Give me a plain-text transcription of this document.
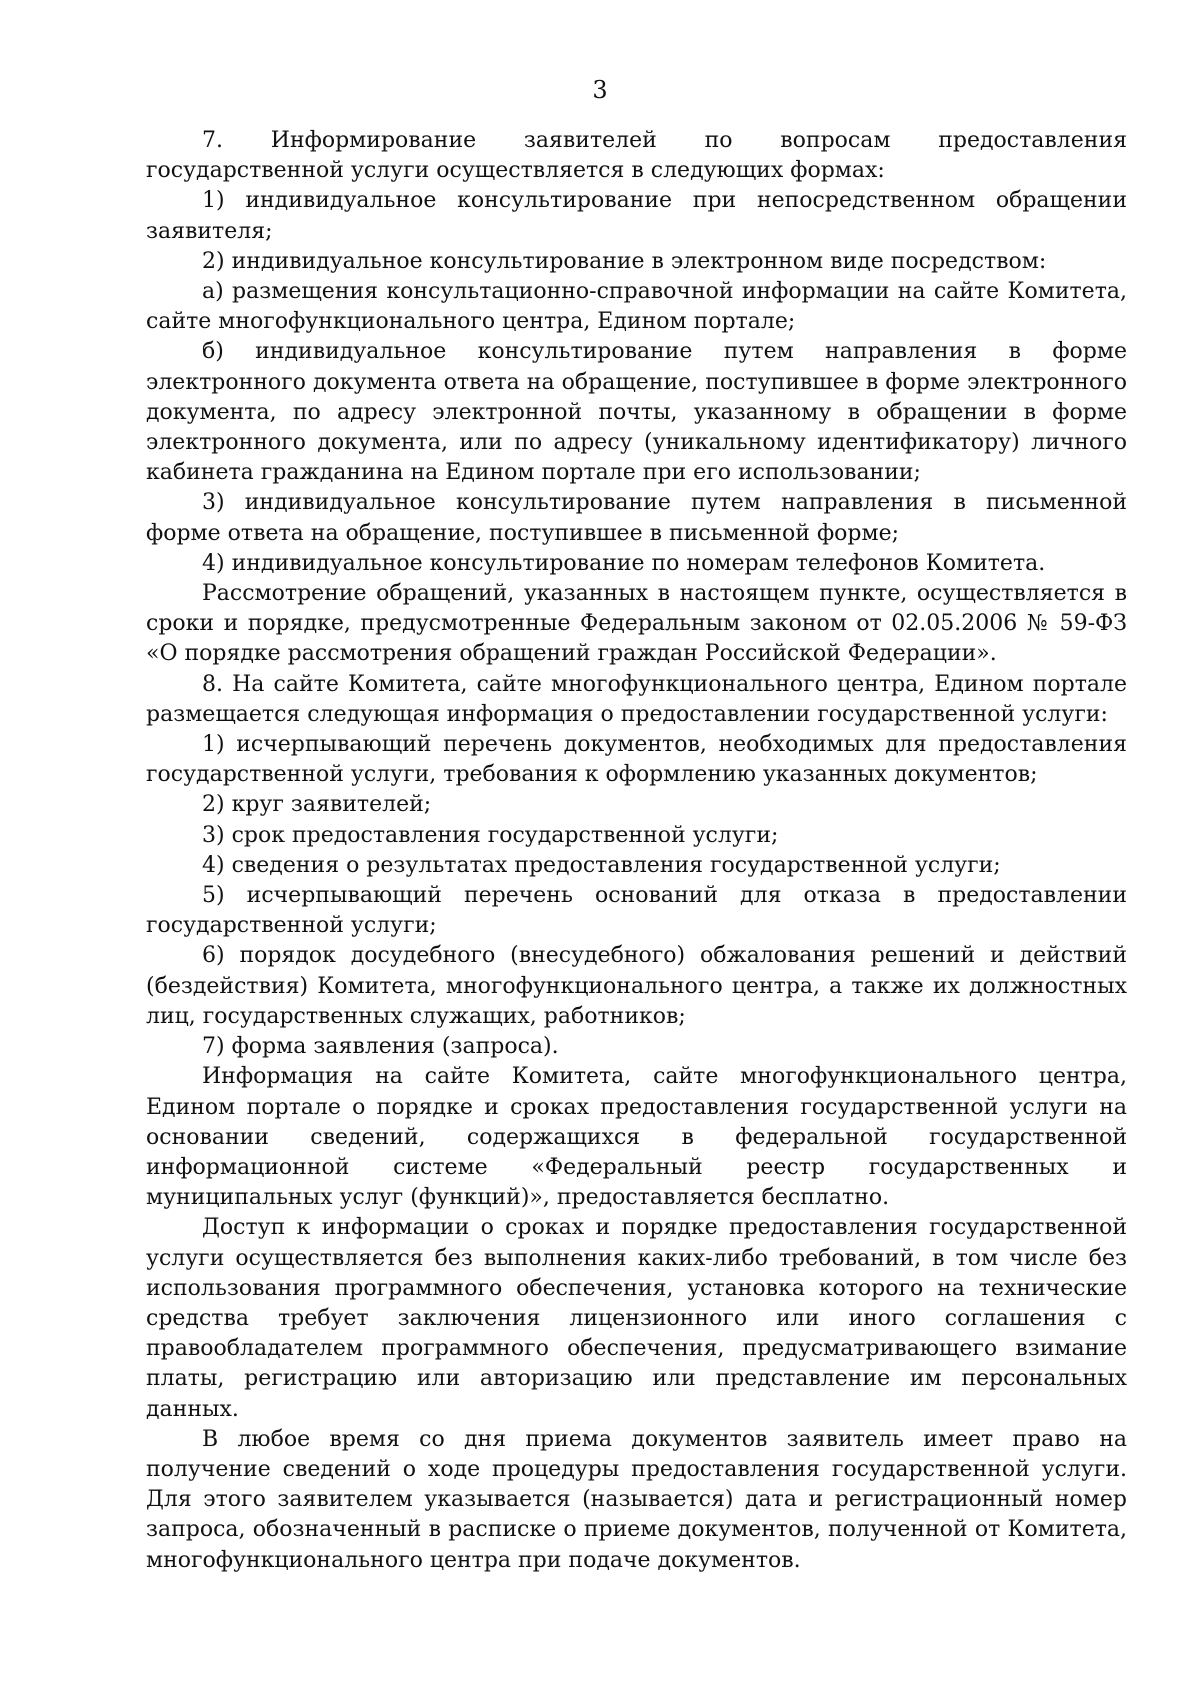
3

7. Информирование заявителей по вопросам предоставления государственной услуги осуществляется в следующих формах:

1) индивидуальное консультирование при непосредственном обращении заявителя;

2) индивидуальное консультирование в электронном виде посредством:

а) размещения консультационно-справочной информации на сайте Комитета, сайте многофункционального центра, Едином портале;

б) индивидуальное консультирование путем направления в форме электронного документа ответа на обращение, поступившее в форме электронного документа, по адресу электронной почты, указанному в обращении в форме электронного документа, или по адресу (уникальному идентификатору) личного кабинета гражданина на Едином портале при его использовании;

3) индивидуальное консультирование путем направления в письменной форме ответа на обращение, поступившее в письменной форме;

4) индивидуальное консультирование по номерам телефонов Комитета.

Рассмотрение обращений, указанных в настоящем пункте, осуществляется в сроки и порядке, предусмотренные Федеральным законом от 02.05.2006 № 59-ФЗ «О порядке рассмотрения обращений граждан Российской Федерации».

8. На сайте Комитета, сайте многофункционального центра, Едином портале размещается следующая информация о предоставлении государственной услуги:

1) исчерпывающий перечень документов, необходимых для предоставления государственной услуги, требования к оформлению указанных документов;

2) круг заявителей;

3) срок предоставления государственной услуги;

4) сведения о результатах предоставления государственной услуги;

5) исчерпывающий перечень оснований для отказа в предоставлении государственной услуги;

6) порядок досудебного (внесудебного) обжалования решений и действий (бездействия) Комитета, многофункционального центра, а также их должностных лиц, государственных служащих, работников;

7) форма заявления (запроса).

Информация на сайте Комитета, сайте многофункционального центра, Едином портале о порядке и сроках предоставления государственной услуги на основании сведений, содержащихся в федеральной государственной информационной системе «Федеральный реестр государственных и муниципальных услуг (функций)», предоставляется бесплатно.

Доступ к информации о сроках и порядке предоставления государственной услуги осуществляется без выполнения каких-либо требований, в том числе без использования программного обеспечения, установка которого на технические средства требует заключения лицензионного или иного соглашения с правообладателем программного обеспечения, предусматривающего взимание платы, регистрацию или авторизацию или представление им персональных данных.

В любое время со дня приема документов заявитель имеет право на получение сведений о ходе процедуры предоставления государственной услуги. Для этого заявителем указывается (называется) дата и регистрационный номер запроса, обозначенный в расписке о приеме документов, полученной от Комитета, многофункционального центра при подаче документов.
